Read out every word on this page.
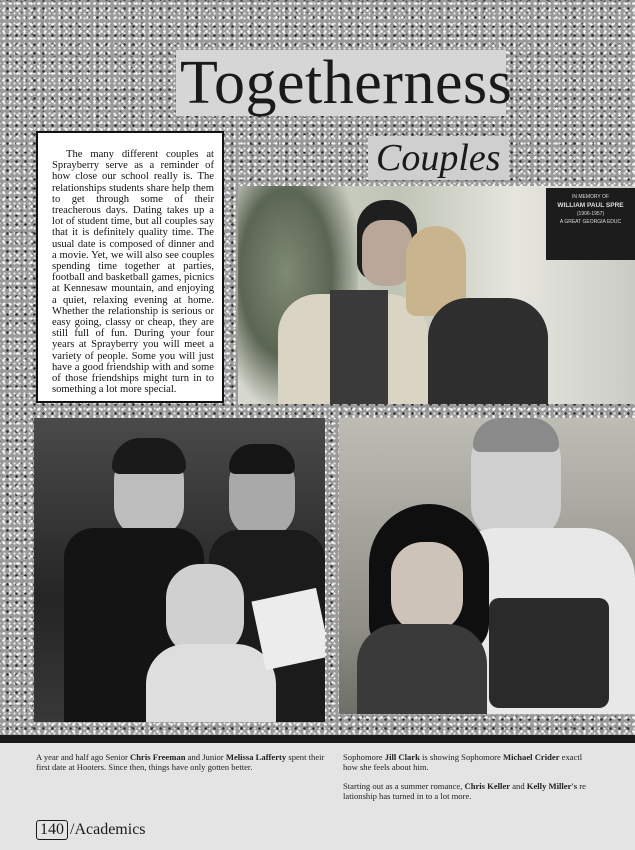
Togetherness
Couples
The many different couples at Sprayberry serve as a reminder of how close our school really is. The relationships students share help them to get through some of their treacherous days. Dating takes up a lot of student time, but all couples say that it is definitely quality time. The usual date is composed of dinner and a movie. Yet, we will also see couples spending time together at parties, football and basketball games, picnics at Kennesaw mountain, and enjoying a quiet, relaxing evening at home. Whether the relationship is serious or easy going, classy or cheap, they are still full of fun. During your four years at Sprayberry you will meet a variety of people. Some you will just have a good friendship with and some of those friendships might turn in to something a lot more special.
IN MEMORY OF
WILLIAM PAUL SPRE
(1906-1957)
A GREAT GEORGIA EDUC
A year and half ago Senior Chris Freeman and Junior Melissa Lafferty spent their first date at Hooters. Since then, things have only gotten better.
Sophomore Jill Clark is showing Sophomore Michael Crider exactl
how she feels about him.
Starting out as a summer romance, Chris Keller and Kelly Miller's re
lationship has turned in to a lot more.
140 /Academics
